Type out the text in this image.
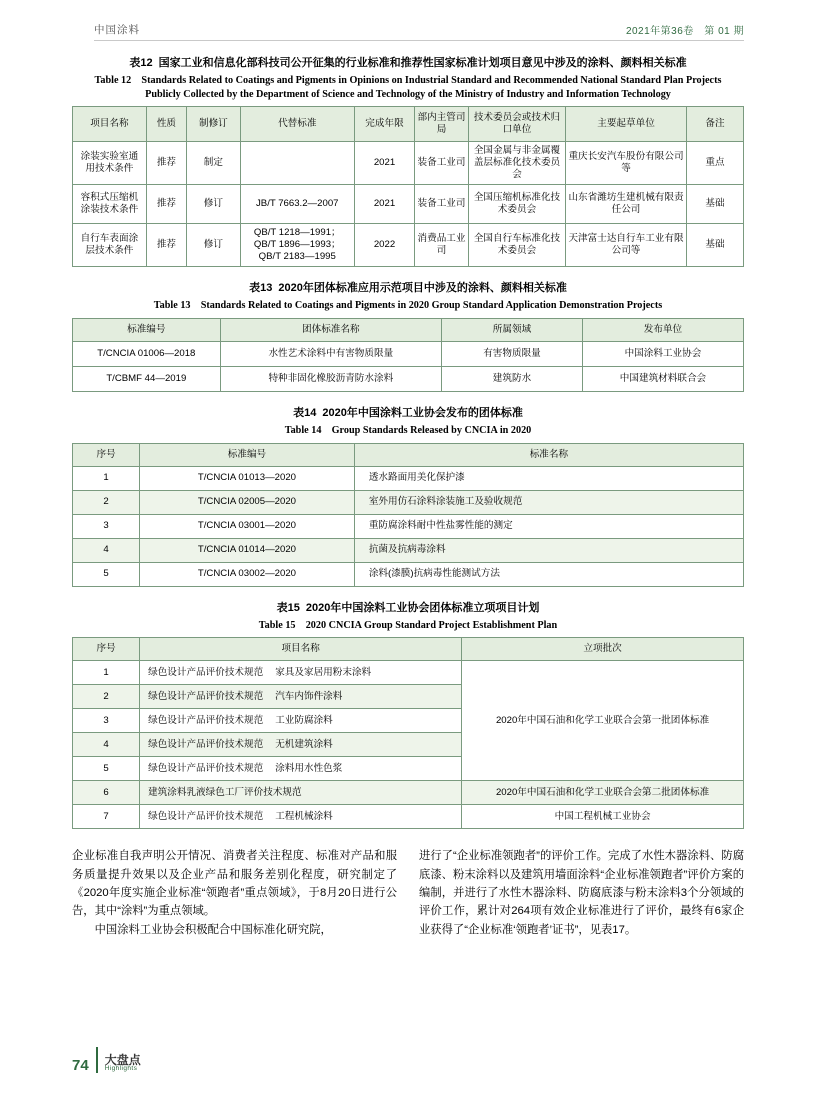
中国涂料	2021年第36卷　第 01 期
表12 国家工业和信息化部科技司公开征集的行业标准和推荐性国家标准计划项目意见中涉及的涂料、颜料相关标准
Table 12　Standards Related to Coatings and Pigments in Opinions on Industrial Standard and Recommended National Standard Plan Projects Publicly Collected by the Department of Science and Technology of the Ministry of Industry and Information Technology
项目名称	性质	制修订	代替标准	完成年限	部内主管司局	技术委员会或技术归口单位	主要起草单位	备注
涂装实验室通用技术条件	推荐	制定		2021	装备工业司	全国金属与非金属覆盖层标准化技术委员会	重庆长安汽车股份有限公司等	重点
容积式压缩机涂装技术条件	推荐	修订	JB/T 7663.2—2007	2021	装备工业司	全国压缩机标准化技术委员会	山东省潍坊生建机械有限责任公司	基础
自行车表面涂层技术条件	推荐	修订	QB/T 1218—1991；QB/T 1896—1993；QB/T 2183—1995	2022	消费品工业司	全国自行车标准化技术委员会	天津富士达自行车工业有限公司等	基础
表13 2020年团体标准应用示范项目中涉及的涂料、颜料相关标准
Table 13　Standards Related to Coatings and Pigments in 2020 Group Standard Application Demonstration Projects
标准编号	团体标准名称	所属领域	发布单位
T/CNCIA 01006—2018	水性艺术涂料中有害物质限量	有害物质限量	中国涂料工业协会
T/CBMF 44—2019	特种非固化橡胶沥青防水涂料	建筑防水	中国建筑材料联合会
表14 2020年中国涂料工业协会发布的团体标准
Table 14　Group Standards Released by CNCIA in 2020
序号	标准编号	标准名称
1	T/CNCIA 01013—2020	透水路面用美化保护漆
2	T/CNCIA 02005—2020	室外用仿石涂料涂装施工及验收规范
3	T/CNCIA 03001—2020	重防腐涂料耐中性盐雾性能的测定
4	T/CNCIA 01014—2020	抗菌及抗病毒涂料
5	T/CNCIA 03002—2020	涂料(漆膜)抗病毒性能测试方法
表15 2020年中国涂料工业协会团体标准立项项目计划
Table 15　2020 CNCIA Group Standard Project Establishment Plan
序号	项目名称	立项批次
1	绿色设计产品评价技术规范 家具及家居用粉末涂料	2020年中国石油和化学工业联合会第一批团体标准
2	绿色设计产品评价技术规范 汽车内饰件涂料	
3	绿色设计产品评价技术规范 工业防腐涂料	
4	绿色设计产品评价技术规范 无机建筑涂料	
5	绿色设计产品评价技术规范 涂料用水性色浆	
6	建筑涂料乳液绿色工厂评价技术规范	2020年中国石油和化学工业联合会第二批团体标准
7	绿色设计产品评价技术规范 工程机械涂料	中国工程机械工业协会

企业标准自我声明公开情况、消费者关注程度、标准对产品和服务质量提升效果以及企业产品和服务差别化程度，研究制定了《2020年度实施企业标准“领跑者”重点领域》，于8月20日进行公告，其中“涂料”为重点领域。

中国涂料工业协会积极配合中国标准化研究院，

进行了“企业标准领跑者”的评价工作。完成了水性木器涂料、防腐底漆、粉末涂料以及建筑用墙面涂料“企业标准领跑者”评价方案的编制，并进行了水性木器涂料、防腐底漆与粉末涂料3个分领域的评价工作，累计对264项有效企业标准进行了评价，最终有6家企业获得了“企业标准‘领跑者’证书”，见表17。

74 大盘点
Highlights
